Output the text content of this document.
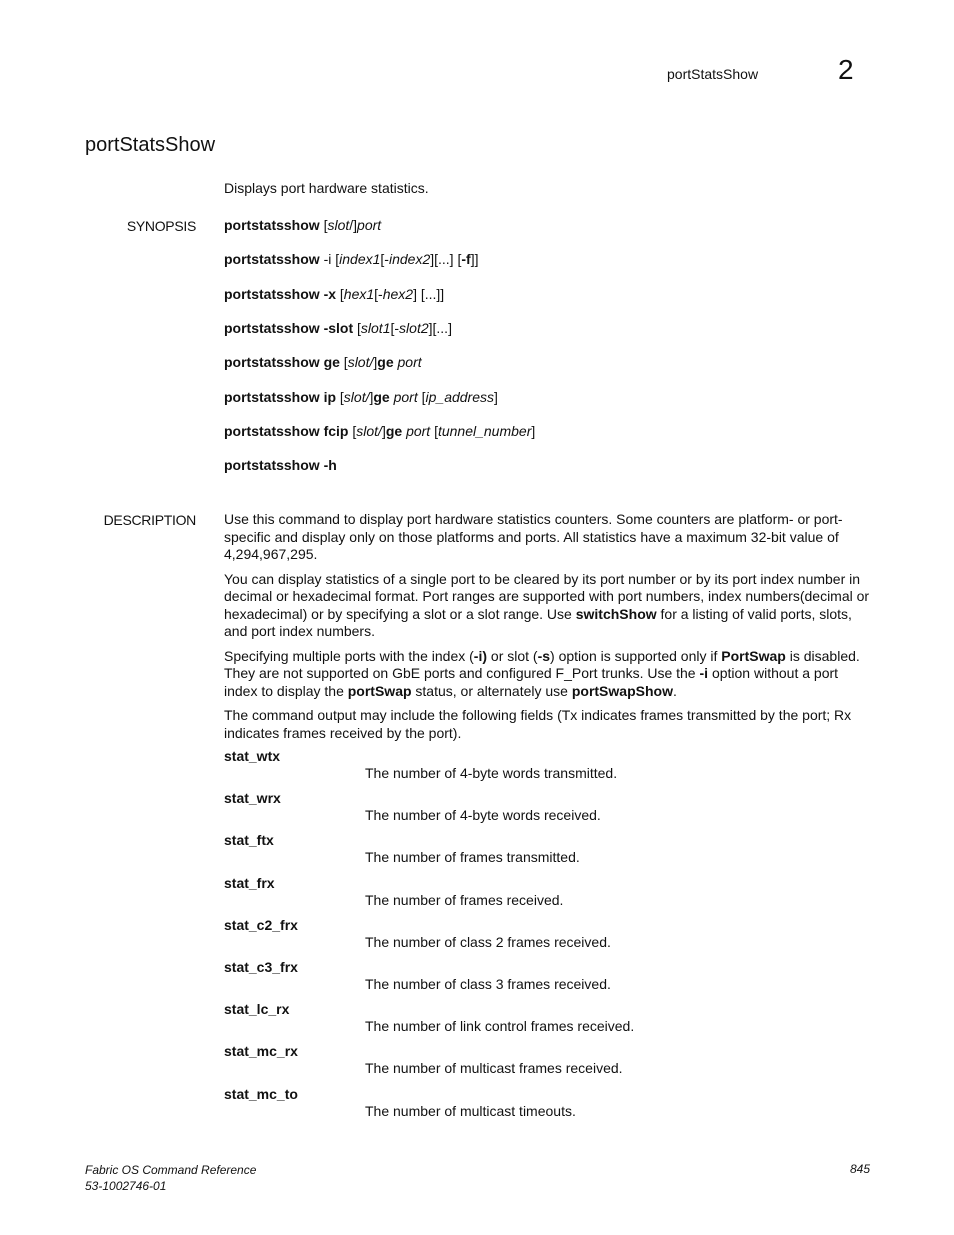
portStatsShow	2
portStatsShow
Displays port hardware statistics.
SYNOPSIS portstatsshow [slot/]port
portstatsshow -i [index1[-index2][...] [-f]]
portstatsshow -x [hex1[-hex2] [...]]
portstatsshow -slot [slot1[-slot2][...]
portstatsshow ge [slot/]ge port
portstatsshow ip [slot/]ge port [ip_address]
portstatsshow fcip [slot/]ge port [tunnel_number]
portstatsshow -h
DESCRIPTION Use this command to display port hardware statistics counters. Some counters are platform- or port-specific and display only on those platforms and ports. All statistics have a maximum 32-bit value of 4,294,967,295.

You can display statistics of a single port to be cleared by its port number or by its port index number in decimal or hexadecimal format. Port ranges are supported with port numbers, index numbers(decimal or hexadecimal) or by specifying a slot or a slot range. Use switchShow for a listing of valid ports, slots, and port index numbers.

Specifying multiple ports with the index (-i) or slot (-s) option is supported only if PortSwap is disabled. They are not supported on GbE ports and configured F_Port trunks. Use the -i option without a port index to display the portSwap status, or alternately use portSwapShow.

The command output may include the following fields (Tx indicates frames transmitted by the port; Rx indicates frames received by the port).

stat_wtx
The number of 4-byte words transmitted.
stat_wrx
The number of 4-byte words received.
stat_ftx
The number of frames transmitted.
stat_frx
The number of frames received.
stat_c2_frx
The number of class 2 frames received.
stat_c3_frx
The number of class 3 frames received.
stat_lc_rx
The number of link control frames received.
stat_mc_rx
The number of multicast frames received.
stat_mc_to
The number of multicast timeouts.
Fabric OS Command Reference
53-1002746-01
845
